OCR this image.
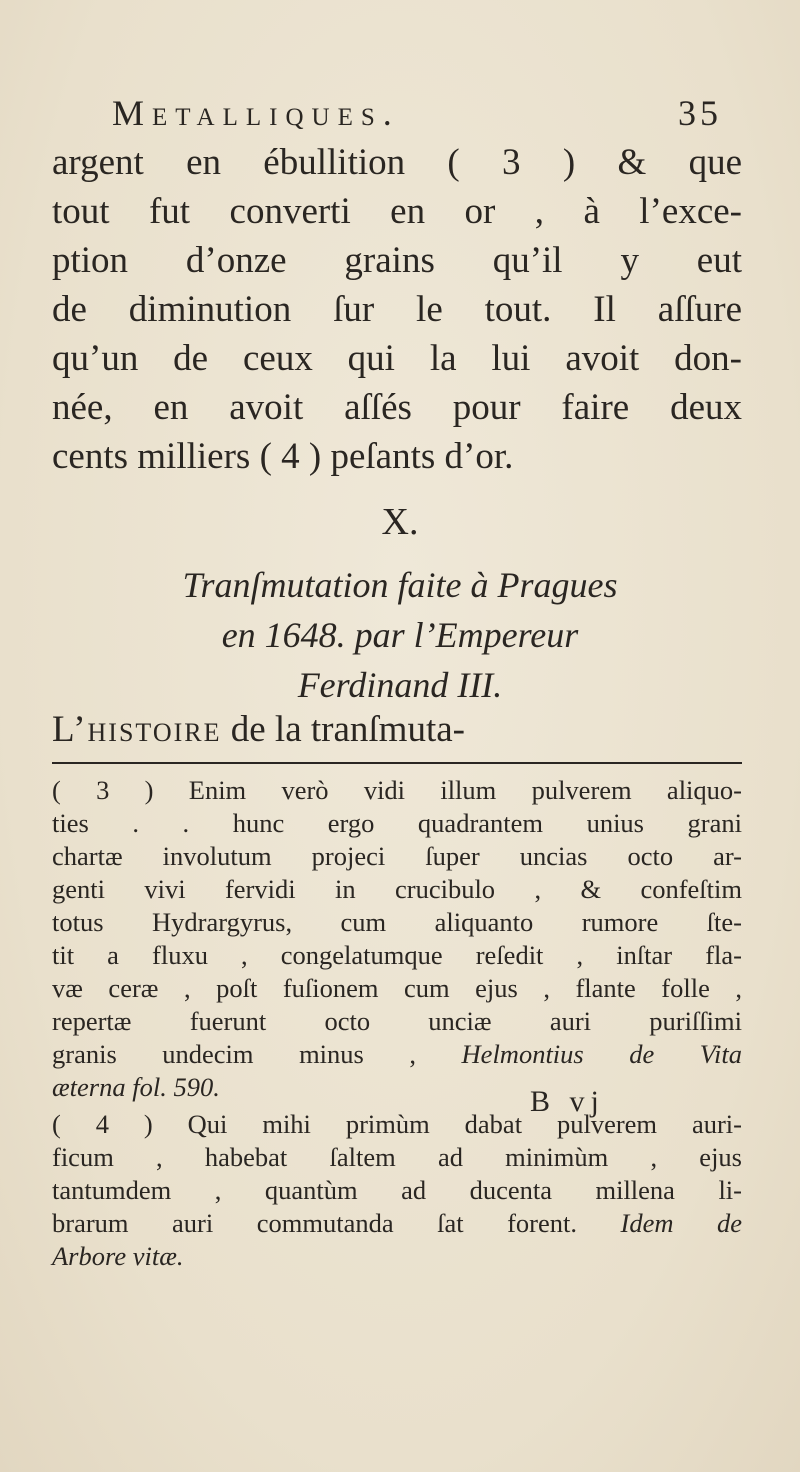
Metalliques.	35
argent en ébullition ( 3 ) & que
tout fut converti en or , à l’exce-
ption d’onze grains qu’il y eut
de diminution ſur le tout. Il aſſure
qu’un de ceux qui la lui avoit don-
née, en avoit aſſés pour faire deux
cents milliers ( 4 ) peſants d’or.
X.
Tranſmutation faite à Pragues
en 1648. par l’Empereur
Ferdinand III.
L’histoire de la tranſmuta-
( 3 ) Enim verò vidi illum pulverem aliquo-
ties . . hunc ergo quadrantem unius grani
chartæ involutum projeci ſuper uncias octo ar-
genti vivi fervidi in crucibulo , & confeſtim
totus Hydrargyrus, cum aliquanto rumore ſte-
tit a fluxu , congelatumque reſedit , inſtar fla-
væ ceræ , poſt fuſionem cum ejus , flante folle ,
repertæ fuerunt octo unciæ auri puriſſimi
granis undecim minus , Helmontius de Vita
æterna fol. 590.
( 4 ) Qui mihi primùm dabat pulverem auri-
ficum , habebat ſaltem ad minimùm , ejus
tantumdem , quantùm ad ducenta millena li-
brarum auri commutanda ſat forent. Idem de
Arbore vitæ.
B vj
